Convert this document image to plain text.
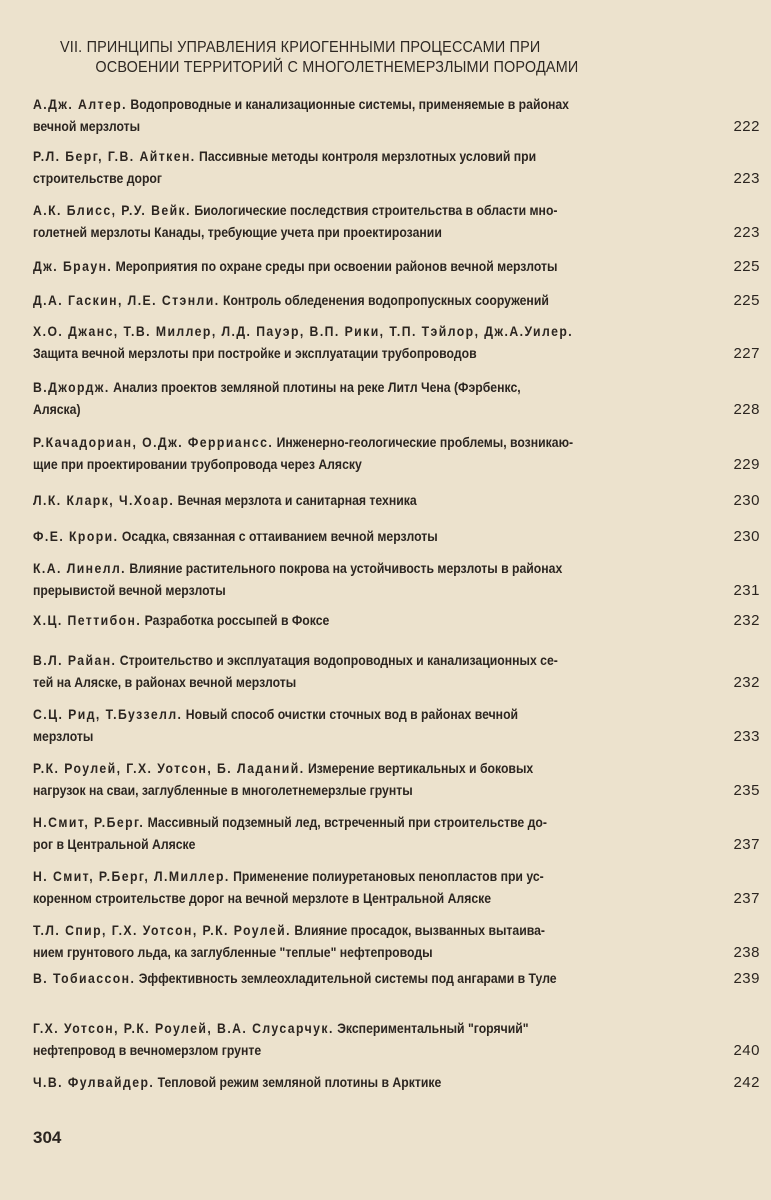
VII. ПРИНЦИПЫ УПРАВЛЕНИЯ КРИОГЕННЫМИ ПРОЦЕССАМИ ПРИ
ОСВОЕНИИ ТЕРРИТОРИЙ С МНОГОЛЕТНЕМЕРЗЛЫМИ ПОРОДАМИ
А.Дж. Алтер. Водопроводные и канализационные системы, применяемые в районах
вечной мерзлоты	222
Р.Л. Берг, Г.В. Айткен. Пассивные методы контроля мерзлотных условий при
строительстве дорог	223
А.К. Блисс, Р.У. Вейк. Биологические последствия строительства в области мно-
голетней мерзлоты Канады, требующие учета при проектирозании	223
Дж. Браун. Мероприятия по охране среды при освоении районов вечной мерзлоты	225
Д.А. Гаскин, Л.Е. Стэнли. Контроль обледенения водопропускных сооружений	225
Х.О. Джанс, Т.В. Миллер, Л.Д. Пауэр, В.П. Рики, Т.П. Тэйлор, Дж.А.Уилер.
Защита вечной мерзлоты при постройке и эксплуатации трубопроводов	227
В.Джордж. Анализ проектов земляной плотины на реке Литл Чена (Фэрбенкс,
Аляска)	228
Р.Качадориан, О.Дж. Ферриансс. Инженерно-геологические проблемы, возникаю-
щие при проектировании трубопровода через Аляску	229
Л.К. Кларк, Ч.Хоар. Вечная мерзлота и санитарная техника	230
Ф.Е. Крори. Осадка, связанная с оттаиванием вечной мерзлоты	230
К.А. Линелл. Влияние растительного покрова на устойчивость мерзлоты в районах
прерывистой вечной мерзлоты	231
Х.Ц. Петтибон. Разработка россыпей в Фоксе	232
В.Л. Райан. Строительство и эксплуатация водопроводных и канализационных се-
тей на Аляске, в районах вечной мерзлоты	232
С.Ц. Рид, Т.Буззелл. Новый способ очистки сточных вод в районах вечной
мерзлоты	233
Р.К. Роулей, Г.Х. Уотсон, Б. Ладаний. Измерение вертикальных и боковых
нагрузок на сваи, заглубленные в многолетнемерзлые грунты	235
Н.Смит, Р.Берг. Массивный подземный лед, встреченный при строительстве до-
рог в Центральной Аляске	237
Н. Смит, Р.Берг, Л.Миллер. Применение полиуретановых пенопластов при ус-
коренном строительстве дорог на вечной мерзлоте в Центральной Аляске	237
Т.Л. Спир, Г.Х. Уотсон, Р.К. Роулей. Влияние просадок, вызванных вытаива-
нием грунтового льда, ка заглубленные "теплые" нефтепроводы	238
В. Тобиассон. Эффективность землеохладительной системы под ангарами в Туле	239
Г.Х. Уотсон, Р.К. Роулей, В.А. Слусарчук. Экспериментальный "горячий"
нефтепровод в вечномерзлом грунте	240
Ч.В. Фулвайдер. Тепловой режим земляной плотины в Арктике	242
304
